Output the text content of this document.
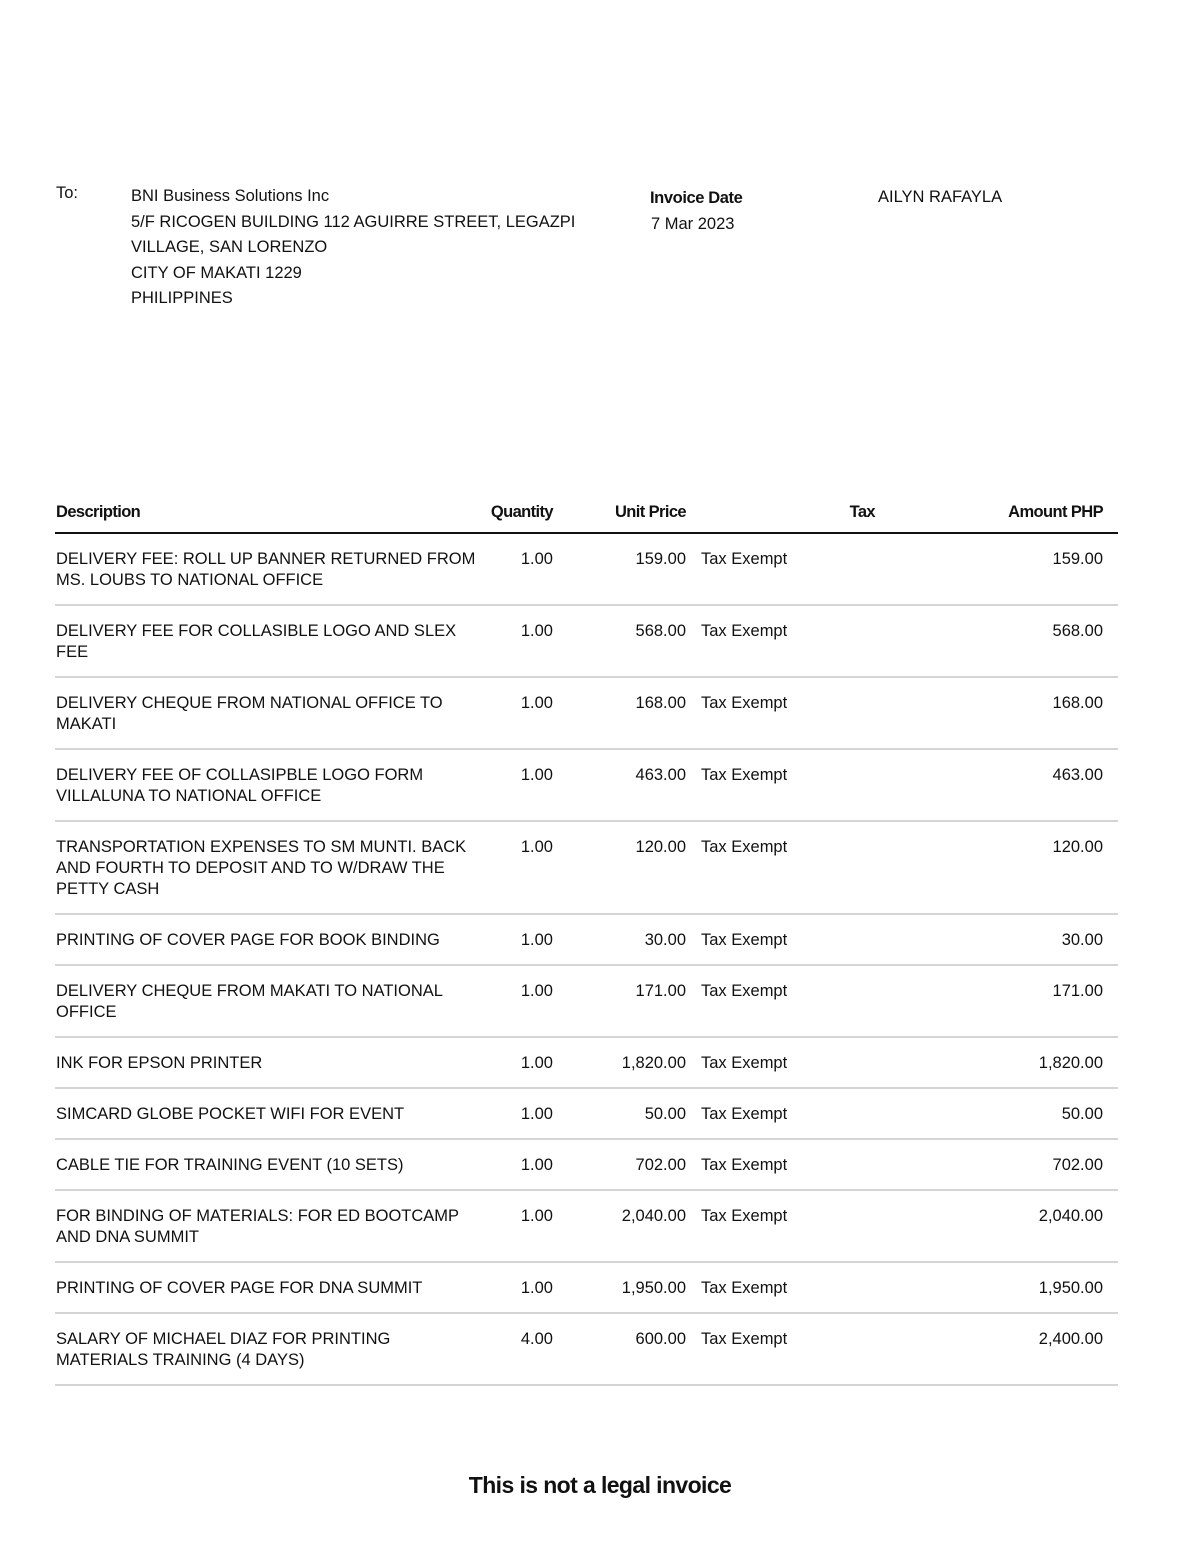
To:	BNI Business Solutions Inc
5/F RICOGEN BUILDING 112 AGUIRRE STREET, LEGAZPI
VILLAGE, SAN LORENZO
CITY OF MAKATI 1229
PHILIPPINES
Invoice Date
7 Mar 2023
AILYN RAFAYLA
Description	Quantity	Unit Price	Tax	Amount PHP
DELIVERY FEE: ROLL UP BANNER RETURNED FROM MS. LOUBS TO NATIONAL OFFICE	1.00	159.00	Tax Exempt	159.00
DELIVERY FEE FOR COLLASIBLE LOGO AND SLEX FEE	1.00	568.00	Tax Exempt	568.00
DELIVERY CHEQUE FROM NATIONAL OFFICE TO MAKATI	1.00	168.00	Tax Exempt	168.00
DELIVERY FEE OF COLLASIPBLE LOGO FORM VILLALUNA TO NATIONAL OFFICE	1.00	463.00	Tax Exempt	463.00
TRANSPORTATION EXPENSES TO SM MUNTI. BACK AND FOURTH TO DEPOSIT AND TO W/DRAW THE PETTY CASH	1.00	120.00	Tax Exempt	120.00
PRINTING OF COVER PAGE FOR BOOK BINDING	1.00	30.00	Tax Exempt	30.00
DELIVERY CHEQUE FROM MAKATI TO NATIONAL OFFICE	1.00	171.00	Tax Exempt	171.00
INK FOR EPSON PRINTER	1.00	1,820.00	Tax Exempt	1,820.00
SIMCARD GLOBE POCKET WIFI FOR EVENT	1.00	50.00	Tax Exempt	50.00
CABLE TIE FOR TRAINING EVENT (10 SETS)	1.00	702.00	Tax Exempt	702.00
FOR BINDING OF MATERIALS: FOR ED BOOTCAMP AND DNA SUMMIT	1.00	2,040.00	Tax Exempt	2,040.00
PRINTING OF COVER PAGE FOR DNA SUMMIT	1.00	1,950.00	Tax Exempt	1,950.00
SALARY OF MICHAEL DIAZ FOR PRINTING MATERIALS TRAINING (4 DAYS)	4.00	600.00	Tax Exempt	2,400.00
This is not a legal invoice
